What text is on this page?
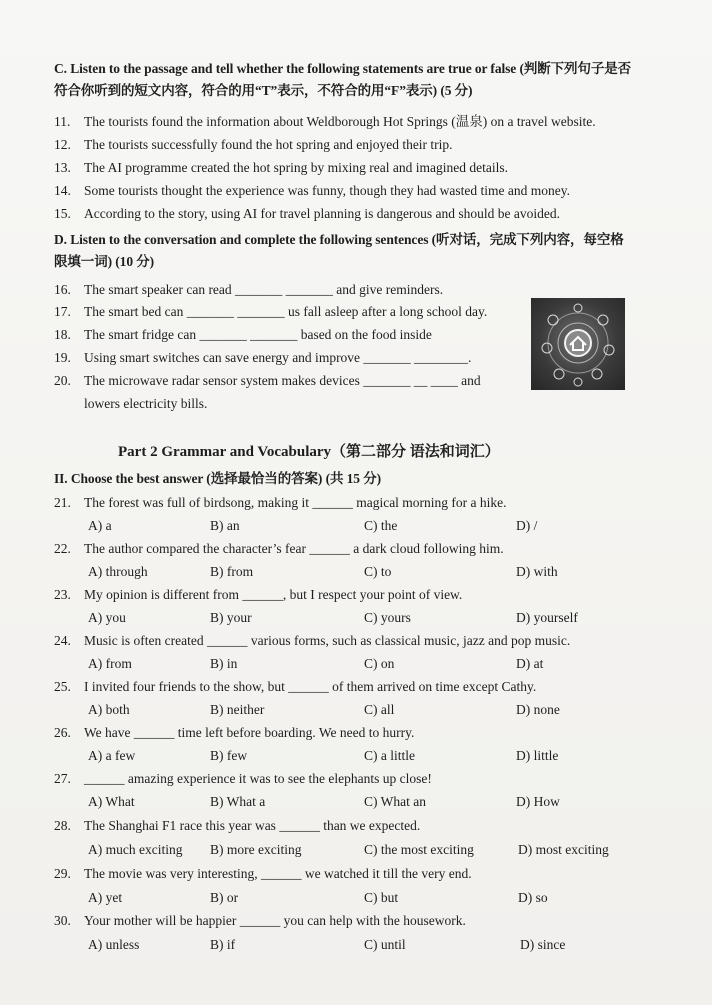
C. Listen to the passage and tell whether the following statements are true or false (判断下列句子是否符合你听到的短文内容，符合的用“T”表示，不符合的用“F”表示) (5 分)
11. The tourists found the information about Weldborough Hot Springs (温泉) on a travel website.
12. The tourists successfully found the hot spring and enjoyed their trip.
13. The AI programme created the hot spring by mixing real and imagined details.
14. Some tourists thought the experience was funny, though they had wasted time and money.
15. According to the story, using AI for travel planning is dangerous and should be avoided.
D. Listen to the conversation and complete the following sentences (听对话，完成下列内容，每空格限填一词) (10 分)
16. The smart speaker can read _______ _______ and give reminders.
17. The smart bed can _______ _______ us fall asleep after a long school day.
18. The smart fridge can _______ _______ based on the food inside
19. Using smart switches can save energy and improve _______ ________.
20. The microwave radar sensor system makes devices _______ __ ____ and
lowers electricity bills.
Part 2 Grammar and Vocabulary（第二部分 语法和词汇）
II. Choose the best answer (选择最恰当的答案) (共 15 分)
21. The forest was full of birdsong, making it ______ magical morning for a hike.
A) a	B) an	C) the	D) /
22. The author compared the character’s fear ______ a dark cloud following him.
A) through	B) from	C) to	D) with
23. My opinion is different from ______, but I respect your point of view.
A) you	B) your	C) yours	D) yourself
24. Music is often created ______ various forms, such as classical music, jazz and pop music.
A) from	B) in	C) on	D) at
25. I invited four friends to the show, but ______ of them arrived on time except Cathy.
A) both	B) neither	C) all	D) none
26. We have ______ time left before boarding. We need to hurry.
A) a few	B) few	C) a little	D) little
27. ______ amazing experience it was to see the elephants up close!
A) What	B) What a	C) What an	D) How
28. The Shanghai F1 race this year was ______ than we expected.
A) much exciting B) more exciting	C) the most exciting	D) most exciting
29. The movie was very interesting, ______ we watched it till the very end.
A) yet	B) or	C) but	D) so
30. Your mother will be happier ______ you can help with the housework.
A) unless	B) if	C) until	D) since
